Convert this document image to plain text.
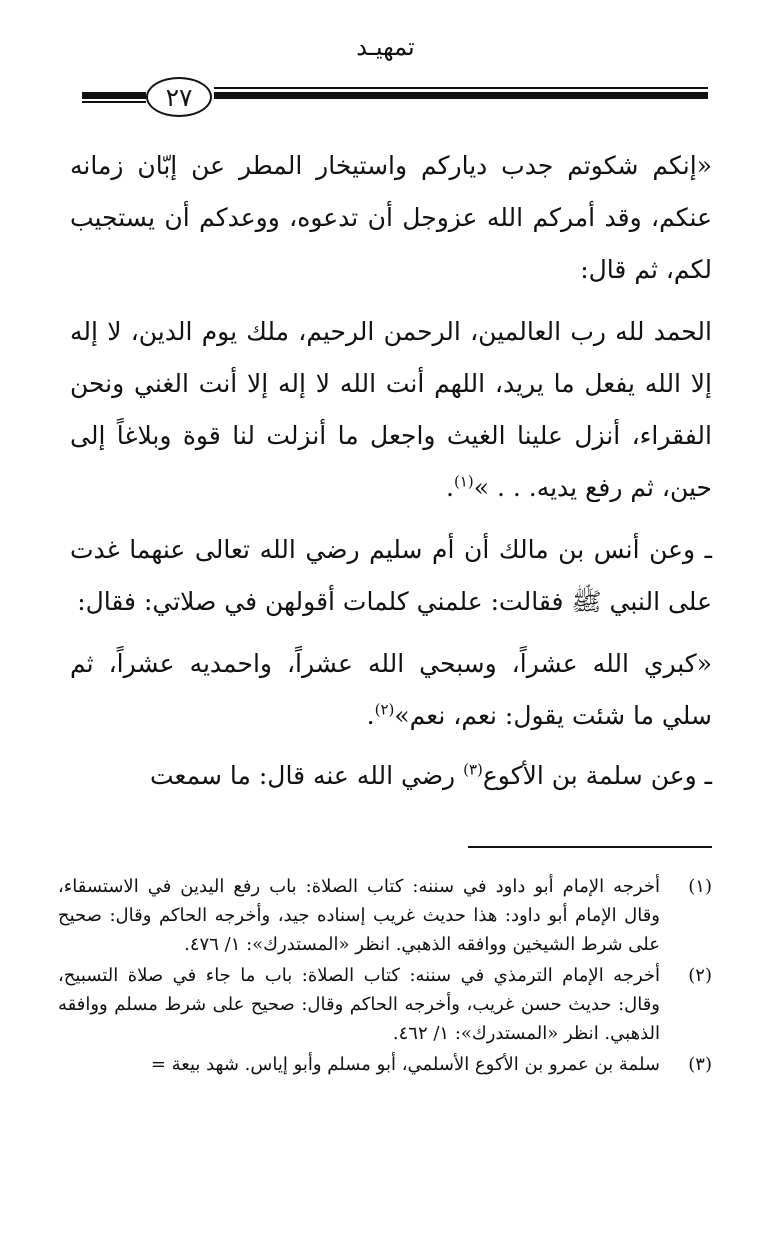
تمهيـد
٢٧

«إنكم شكوتم جدب دياركم واستيخار المطر عن إبّان زمانه عنكم، وقد أمركم الله عزوجل أن تدعوه، ووعدكم أن يستجيب لكم، ثم قال:

الحمد لله رب العالمين، الرحمن الرحيم، ملك يوم الدين، لا إله إلا الله يفعل ما يريد، اللهم أنت الله لا إله إلا أنت الغني ونحن الفقراء، أنزل علينا الغيث واجعل ما أنزلت لنا قوة وبلاغاً إلى حين، ثم رفع يديه. . . »$^{(١)}$.

ـ وعن أنس بن مالك أن أم سليم رضي الله تعالى عنهما غدت على النبي ﷺ فقالت: علمني كلمات أقولهن في صلاتي: فقال:

«كبري الله عشراً، وسبحي الله عشراً، واحمديه عشراً، ثم سلي ما شئت يقول: نعم، نعم»$^{(٢)}$.

ـ وعن سلمة بن الأكوع$^{(٣)}$ رضي الله عنه قال: ما سمعت

(١)
أخرجه الإمام أبو داود في سننه: كتاب الصلاة: باب رفع اليدين في الاستسقاء، وقال الإمام أبو داود: هذا حديث غريب إسناده جيد، وأخرجه الحاكم وقال: صحيح على شرط الشيخين ووافقه الذهبي. انظر «المستدرك»: ١/ ٤٧٦.
(٢)
أخرجه الإمام الترمذي في سننه: كتاب الصلاة: باب ما جاء في صلاة التسبيح، وقال: حديث حسن غريب، وأخرجه الحاكم وقال: صحيح على شرط مسلم ووافقه الذهبي. انظر «المستدرك»: ١/ ٤٦٢.
(٣)
سلمة بن عمرو بن الأكوع الأسلمي، أبو مسلم وأبو إياس. شهد بيعة =
